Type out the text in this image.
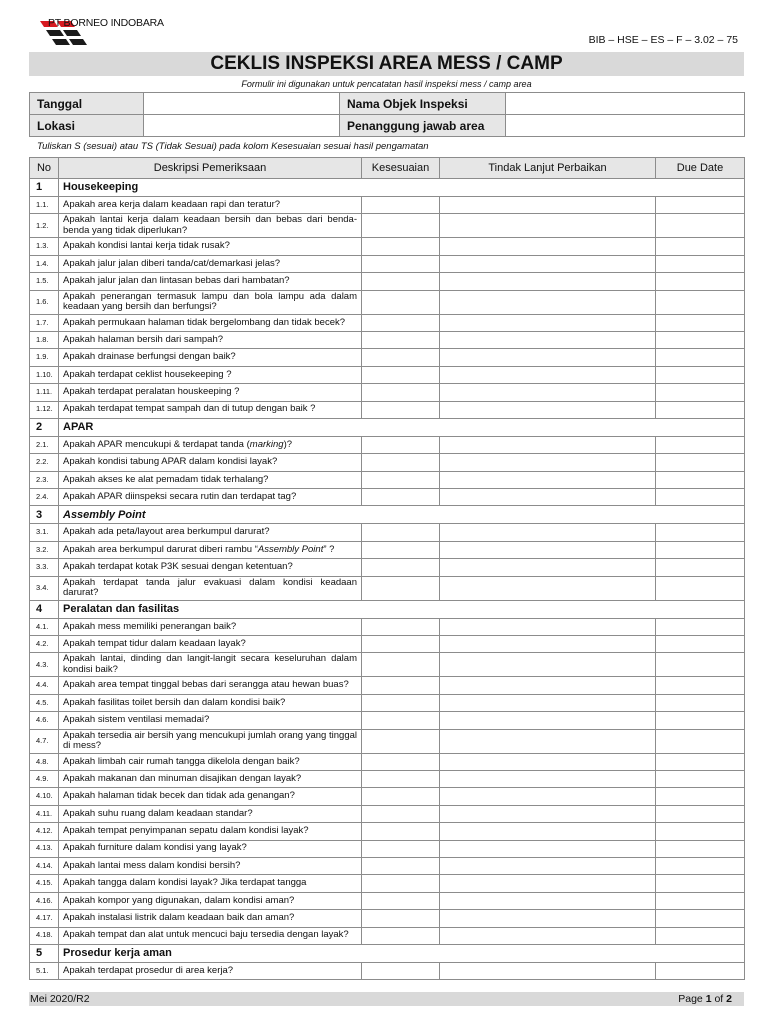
PT BORNEO INDOBARA
BIB – HSE – ES – F – 3.02 – 75
CEKLIS INSPEKSI AREA MESS / CAMP
Formulir ini digunakan untuk pencatatan hasil inspeksi mess / camp area
Tanggal		Nama Objek Inspeksi	
Lokasi		Penanggung jawab area	
Tuliskan S (sesuai) atau TS (Tidak Sesuai) pada kolom Kesesuaian sesuai hasil pengamatan
No	Deskripsi Pemeriksaan	Kesesuaian	Tindak Lanjut Perbaikan	Due Date
1	Housekeeping			
1.1.	Apakah area kerja dalam keadaan rapi dan teratur?			
1.2.	Apakah lantai kerja dalam keadaan bersih dan bebas dari benda-benda yang tidak diperlukan?			
1.3.	Apakah kondisi lantai kerja tidak rusak?			
1.4.	Apakah jalur jalan diberi tanda/cat/demarkasi jelas?			
1.5.	Apakah jalur jalan dan lintasan bebas dari hambatan?			
1.6.	Apakah penerangan termasuk lampu dan bola lampu ada dalam keadaan yang bersih dan berfungsi?			
1.7.	Apakah permukaan halaman tidak bergelombang dan tidak becek?			
1.8.	Apakah halaman bersih dari sampah?			
1.9.	Apakah drainase berfungsi dengan baik?			
1.10.	Apakah terdapat ceklist housekeeping ?			
1.11.	Apakah terdapat peralatan houskeeping ?			
1.12.	Apakah terdapat tempat sampah dan di tutup dengan baik ?			
2	APAR			
2.1.	Apakah APAR mencukupi & terdapat tanda (marking)?			
2.2.	Apakah kondisi tabung APAR dalam kondisi layak?			
2.3.	Apakah akses ke alat pemadam tidak terhalang?			
2.4.	Apakah APAR diinspeksi secara rutin dan terdapat tag?			
3	Assembly Point			
3.1.	Apakah ada peta/layout area berkumpul darurat?			
3.2.	Apakah area berkumpul darurat diberi rambu “Assembly Point” ?			
3.3.	Apakah terdapat kotak P3K sesuai dengan ketentuan?			
3.4.	Apakah terdapat tanda jalur evakuasi dalam kondisi keadaan darurat?			
4	Peralatan dan fasilitas			
4.1.	Apakah mess memiliki penerangan baik?			
4.2.	Apakah tempat tidur dalam keadaan layak?			
4.3.	Apakah lantai, dinding dan langit-langit secara keseluruhan dalam kondisi baik?			
4.4.	Apakah area tempat tinggal bebas dari serangga atau hewan buas?			
4.5.	Apakah fasilitas toilet bersih dan dalam kondisi baik?			
4.6.	Apakah sistem ventilasi memadai?			
4.7.	Apakah tersedia air bersih yang mencukupi jumlah orang yang tinggal di mess?			
4.8.	Apakah limbah cair rumah tangga dikelola dengan baik?			
4.9.	Apakah makanan dan minuman disajikan dengan layak?			
4.10.	Apakah halaman tidak becek dan tidak ada genangan?			
4.11.	Apakah suhu ruang dalam keadaan standar?			
4.12.	Apakah tempat penyimpanan sepatu dalam kondisi layak?			
4.13.	Apakah furniture dalam kondisi yang layak?			
4.14.	Apakah lantai mess dalam kondisi bersih?			
4.15.	Apakah tangga dalam kondisi layak? Jika terdapat tangga			
4.16.	Apakah kompor yang digunakan, dalam kondisi aman?			
4.17.	Apakah instalasi listrik dalam keadaan baik dan aman?			
4.18.	Apakah tempat dan alat untuk mencuci baju tersedia dengan layak?			
5	Prosedur kerja aman			
5.1.	Apakah terdapat prosedur di area kerja?			
Mei 2020/R2	Page 1 of 2
